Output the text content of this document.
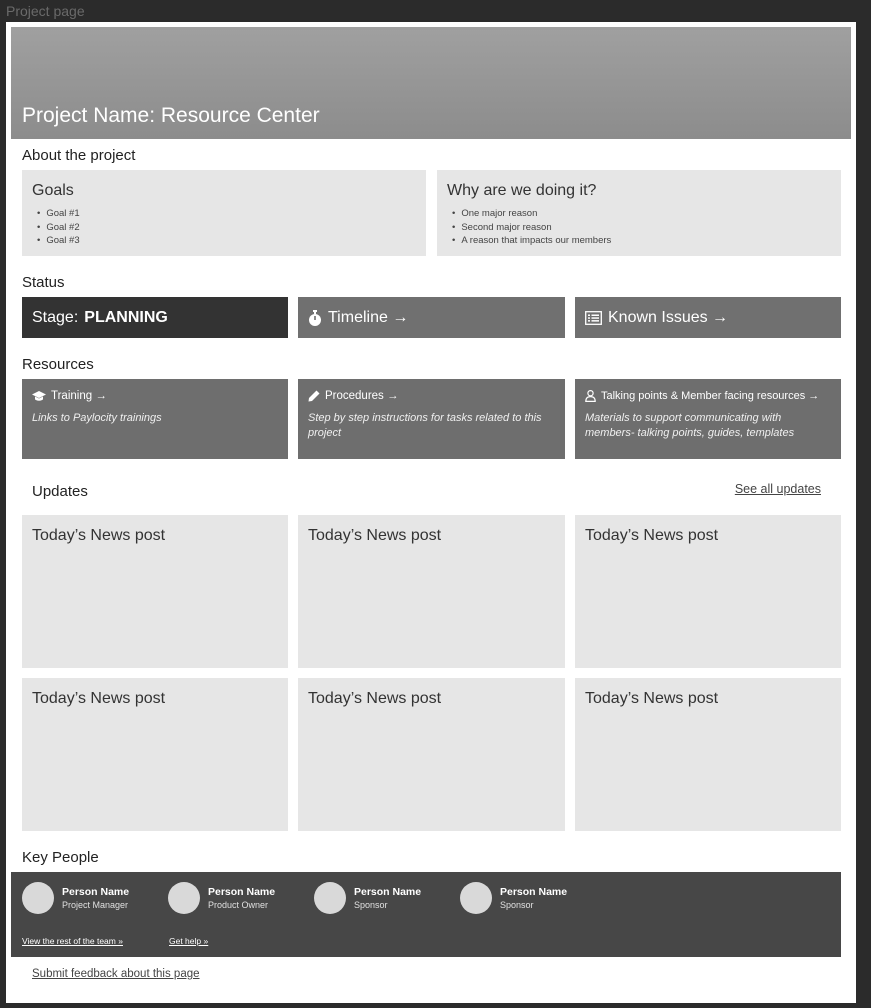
Project page
Project Name: Resource Center
About the project
Goals
• Goal #1
• Goal #2
• Goal #3
Why are we doing it?
• One major reason
• Second major reason
• A reason that impacts our members
Status
Stage: PLANNING	Timeline →	Known Issues →
Resources
Training →
Links to Paylocity trainings
Procedures →
Step by step instructions for tasks related to this project
Talking points & Member facing resources →
Materials to support communicating with members- talking points, guides, templates
Updates	See all updates
Today’s News post	Today’s News post	Today’s News post
Today’s News post	Today’s News post	Today’s News post
Key People
Person Name
Project Manager
Person Name
Product Owner
Person Name
Sponsor
Person Name
Sponsor
View the rest of the team »	Get help »
Submit feedback about this page
